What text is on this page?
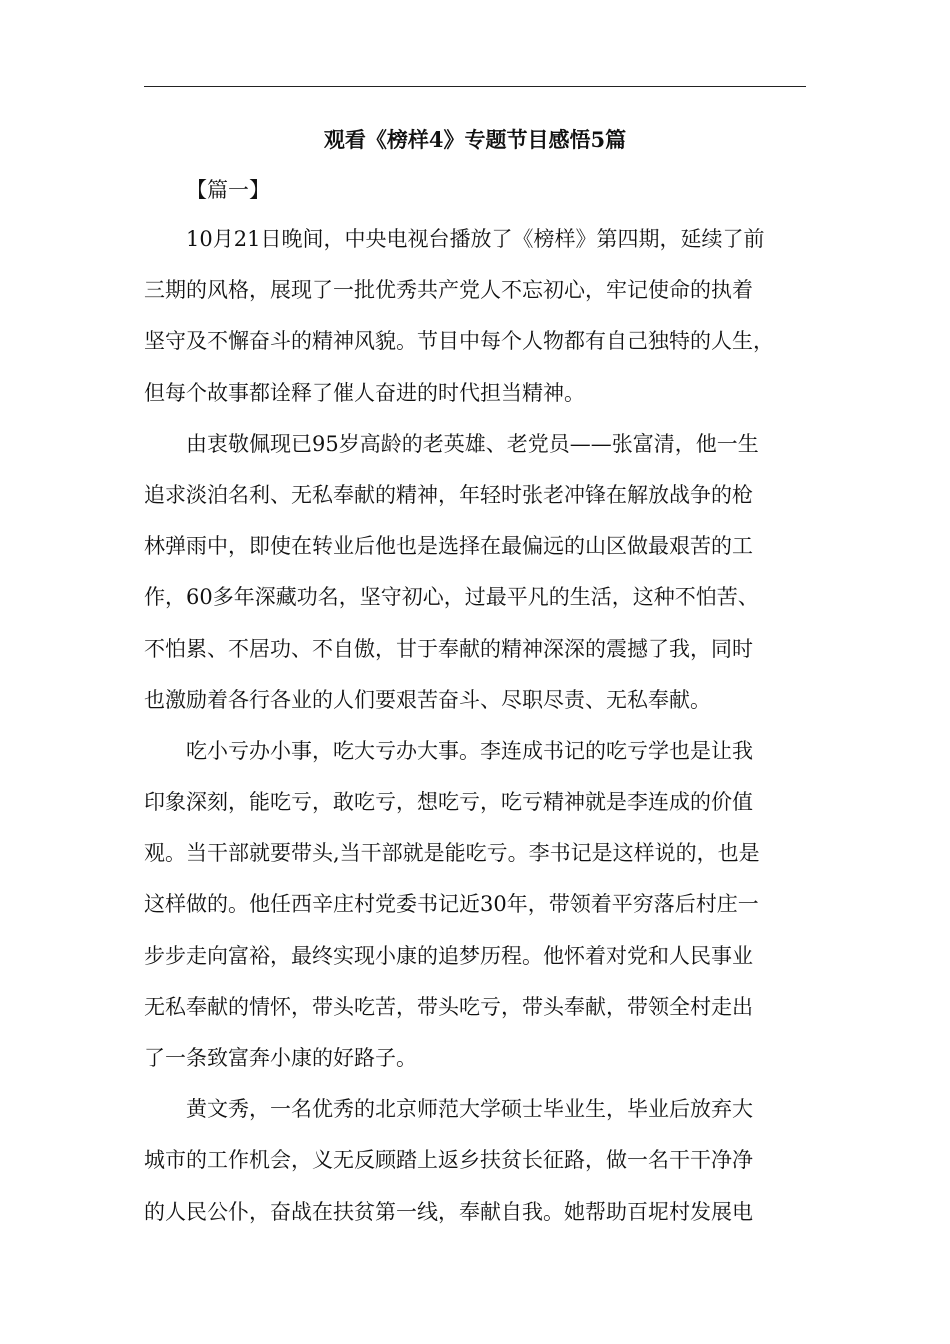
观看《榜样4》专题节目感悟5篇
【篇一】
10月21日晚间，中央电视台播放了《榜样》第四期，延续了前
三期的风格，展现了一批优秀共产党人不忘初心，牢记使命的执着
坚守及不懈奋斗的精神风貌。节目中每个人物都有自己独特的人生，
但每个故事都诠释了催人奋进的时代担当精神。
由衷敬佩现已95岁高龄的老英雄、老党员——张富清，他一生
追求淡泊名利、无私奉献的精神，年轻时张老冲锋在解放战争的枪
林弹雨中，即使在转业后他也是选择在最偏远的山区做最艰苦的工
作，60多年深藏功名，坚守初心，过最平凡的生活，这种不怕苦、
不怕累、不居功、不自傲，甘于奉献的精神深深的震撼了我，同时
也激励着各行各业的人们要艰苦奋斗、尽职尽责、无私奉献。
吃小亏办小事，吃大亏办大事。李连成书记的吃亏学也是让我
印象深刻，能吃亏，敢吃亏，想吃亏，吃亏精神就是李连成的价值
观。当干部就要带头,当干部就是能吃亏。李书记是这样说的，也是
这样做的。他任西辛庄村党委书记近30年，带领着平穷落后村庄一
步步走向富裕，最终实现小康的追梦历程。他怀着对党和人民事业
无私奉献的情怀，带头吃苦，带头吃亏，带头奉献，带领全村走出
了一条致富奔小康的好路子。
黄文秀，一名优秀的北京师范大学硕士毕业生，毕业后放弃大
城市的工作机会，义无反顾踏上返乡扶贫长征路，做一名干干净净
的人民公仆，奋战在扶贫第一线，奉献自我。她帮助百坭村发展电
